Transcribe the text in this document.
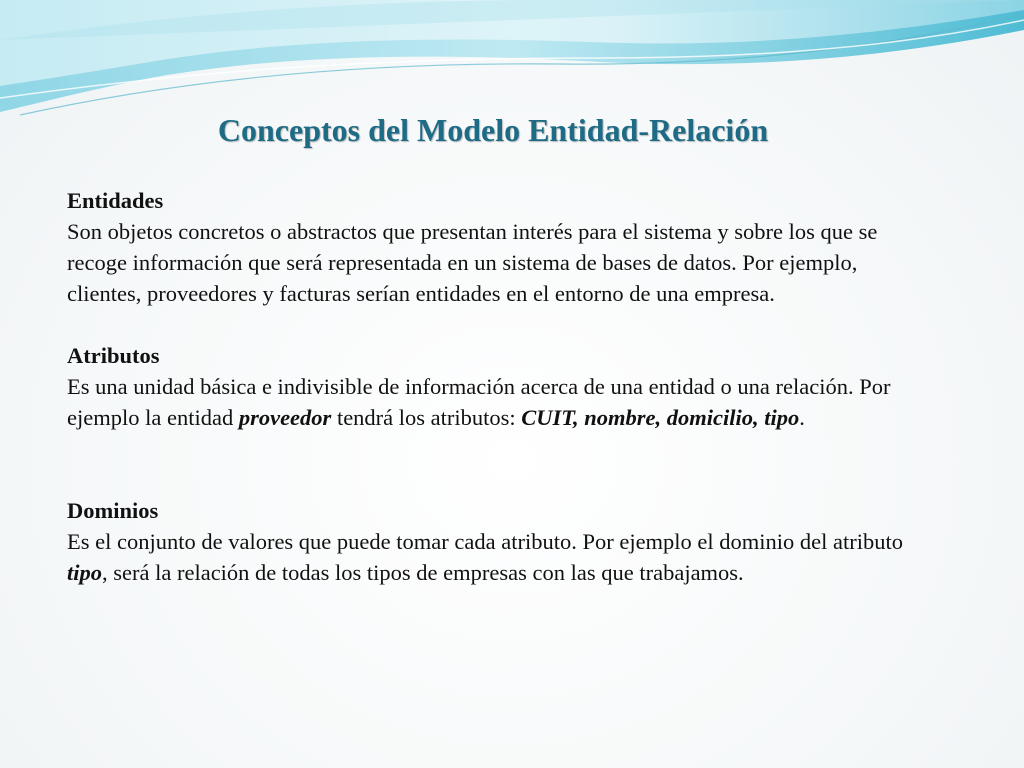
Conceptos del Modelo Entidad-Relación

Entidades
Son objetos concretos o abstractos que presentan interés para el sistema y sobre los que se recoge información que será representada en un sistema de bases de datos. Por ejemplo, clientes, proveedores y facturas serían entidades en el entorno de una empresa.

Atributos
Es una unidad básica e indivisible de información acerca de una entidad o una relación. Por ejemplo la entidad proveedor tendrá los atributos: CUIT, nombre, domicilio, tipo.

Dominios
Es el conjunto de valores que puede tomar cada atributo. Por ejemplo el dominio del atributo tipo, será la relación de todas los tipos de empresas con las que trabajamos.
